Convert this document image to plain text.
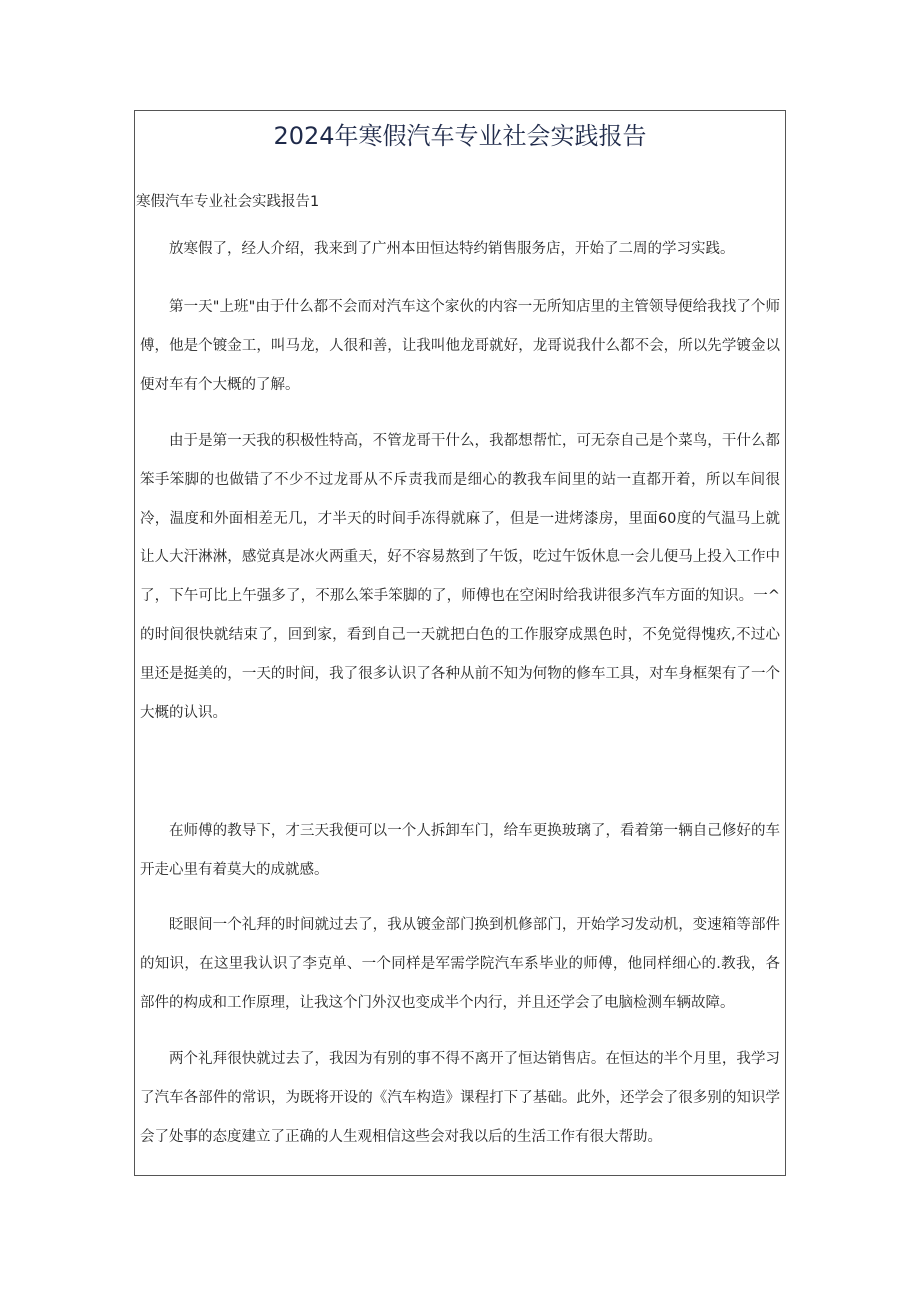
2024年寒假汽车专业社会实践报告

寒假汽车专业社会实践报告1

放寒假了，经人介绍，我来到了广州本田恒达特约销售服务店，开始了二周的学习实践。

第一天"上班"由于什么都不会而对汽车这个家伙的内容一无所知店里的主管领导便给我找了个师傅，他是个镀金工，叫马龙，人很和善，让我叫他龙哥就好，龙哥说我什么都不会，所以先学镀金以便对车有个大概的了解。

由于是第一天我的积极性特高，不管龙哥干什么，我都想帮忙，可无奈自己是个菜鸟，干什么都笨手笨脚的也做错了不少不过龙哥从不斥责我而是细心的教我车间里的站一直都开着，所以车间很冷，温度和外面相差无几，才半天的时间手冻得就麻了，但是一进烤漆房，里面60度的气温马上就让人大汗淋淋，感觉真是冰火两重天，好不容易熬到了午饭，吃过午饭休息一会儿便马上投入工作中了，下午可比上午强多了，不那么笨手笨脚的了，师傅也在空闲时给我讲很多汽车方面的知识。一^的时间很快就结束了，回到家，看到自己一天就把白色的工作服穿成黑色时，不免觉得愧疚,不过心里还是挺美的，一天的时间，我了很多认识了各种从前不知为何物的修车工具，对车身框架有了一个大概的认识。

在师傅的教导下，才三天我便可以一个人拆卸车门，给车更换玻璃了，看着第一辆自己修好的车开走心里有着莫大的成就感。

眨眼间一个礼拜的时间就过去了，我从镀金部门换到机修部门，开始学习发动机，变速箱等部件的知识，在这里我认识了李克单、一个同样是军需学院汽车系毕业的师傅，他同样细心的.教我，各部件的构成和工作原理，让我这个门外汉也变成半个内行，并且还学会了电脑检测车辆故障。

两个礼拜很快就过去了，我因为有别的事不得不离开了恒达销售店。在恒达的半个月里，我学习了汽车各部件的常识，为既将开设的《汽车构造》课程打下了基础。此外，还学会了很多别的知识学会了处事的态度建立了正确的人生观相信这些会对我以后的生活工作有很大帮助。
